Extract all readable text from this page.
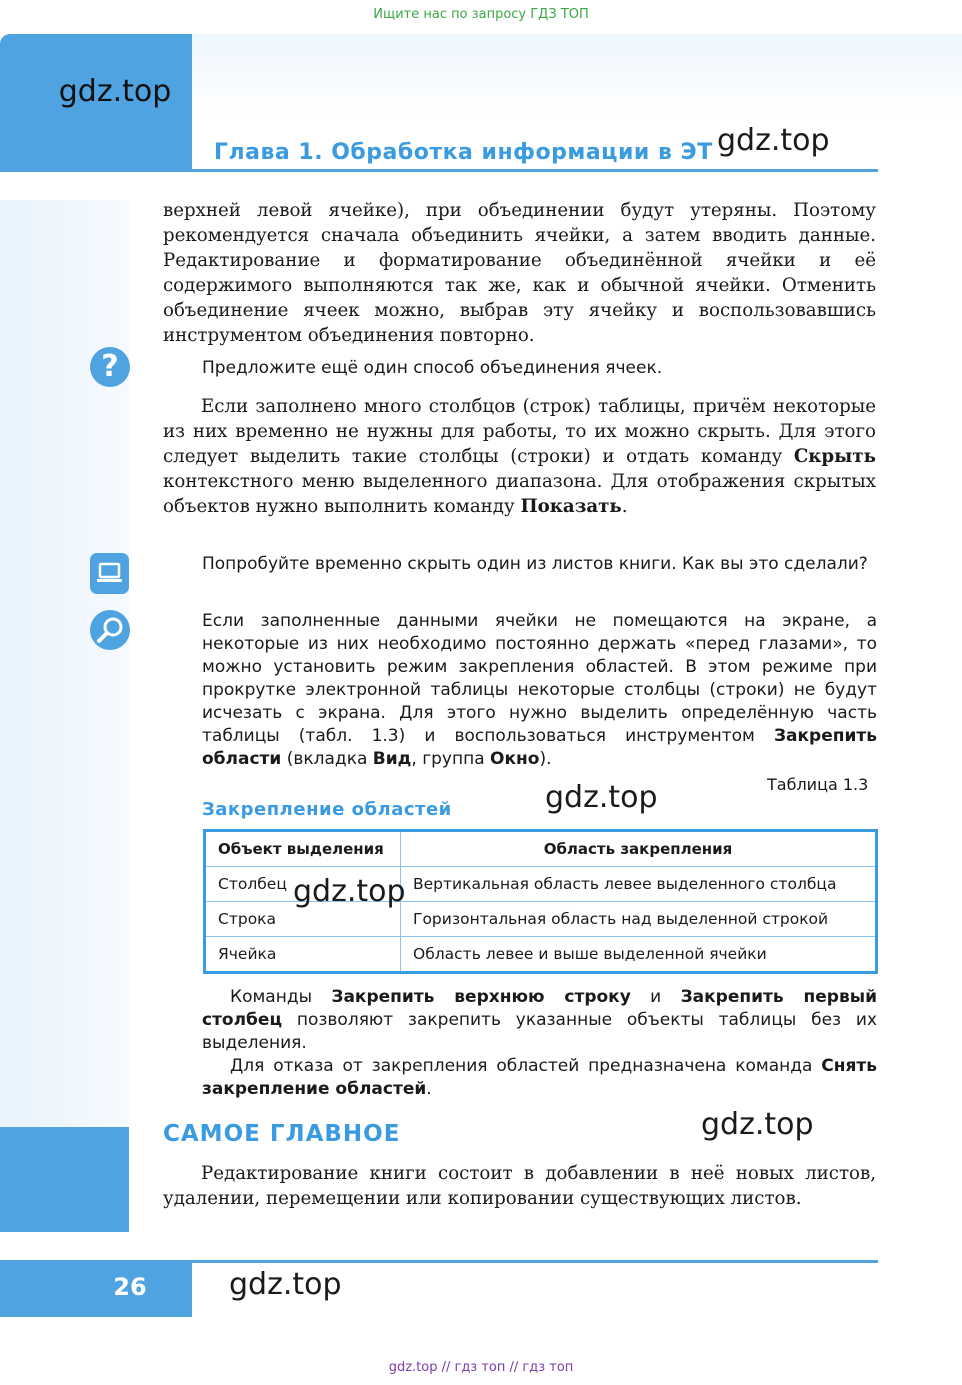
Ищите нас по запросу ГДЗ ТОП
gdz.top
Глава 1. Обработка информации в ЭТ gdz.top
верхней левой ячейке), при объединении будут утеряны. Поэтому рекомендуется сначала объединить ячейки, а затем вводить данные. Редактирование и форматирование объединённой ячейки и её содержимого выполняются так же, как и обычной ячейки. Отменить объединение ячеек можно, выбрав эту ячейку и воспользовавшись инструментом объединения повторно.
?	Предложите ещё один способ объединения ячеек.
Если заполнено много столбцов (строк) таблицы, причём некоторые из них временно не нужны для работы, то их можно скрыть. Для этого следует выделить такие столбцы (строки) и отдать команду Скрыть контекстного меню выделенного диапазона. Для отображения скрытых объектов нужно выполнить команду Показать.
Попробуйте временно скрыть один из листов книги. Как вы это сделали?
Если заполненные данными ячейки не помещаются на экране, а некоторые из них необходимо постоянно держать «перед глазами», то можно установить режим закрепления областей. В этом режиме при прокрутке электронной таблицы некоторые столбцы (строки) не будут исчезать с экрана. Для этого нужно выделить определённую часть таблицы (табл. 1.3) и воспользоваться инструментом Закрепить области (вкладка Вид, группа Окно).
Таблица 1.3
Закрепление областей	gdz.top
Объект выделения	Область закрепления
Столбец	Вертикальная область левее выделенного столбца
Строка	Горизонтальная область над выделенной строкой
Ячейка	Область левее и выше выделенной ячейки
gdz.top
Команды Закрепить верхнюю строку и Закрепить первый столбец позволяют закрепить указанные объекты таблицы без их выделения.
Для отказа от закрепления областей предназначена команда Снять закрепление областей.
САМОЕ ГЛАВНОЕ	gdz.top
Редактирование книги состоит в добавлении в неё новых листов, удалении, перемещении или копировании существующих листов.
26	gdz.top
gdz.top // гдз топ // гдз топ
